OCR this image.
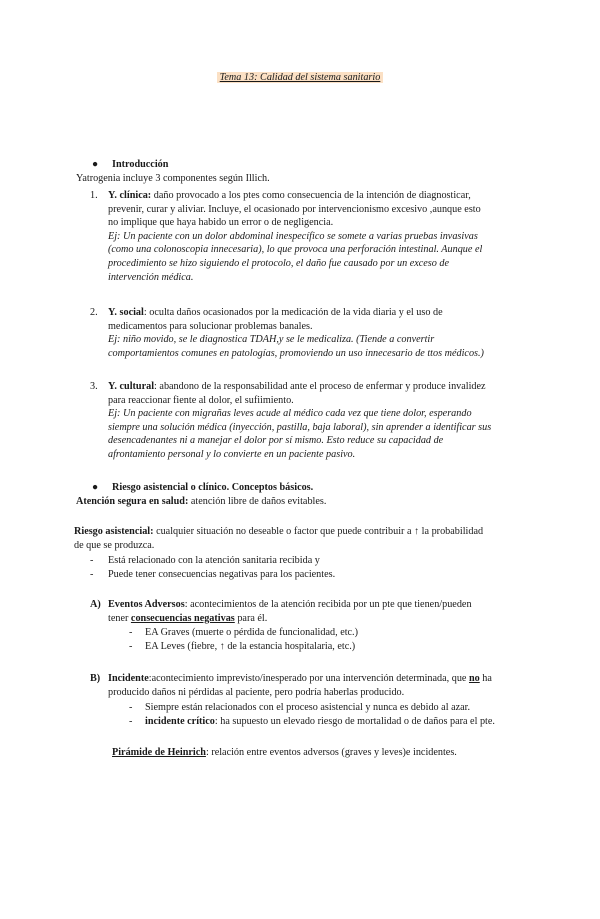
Tema 13: Calidad del sistema sanitario
● Introducción
Yatrogenia incluye 3 componentes según Illich.
1. Y. clínica: daño provocado a los ptes como consecuencia de la intención de diagnosticar,
prevenir, curar y aliviar. Incluye, el ocasionado por intervencionismo excesivo ,aunque esto
no implique que haya habido un error o de negligencia.
Ej: Un paciente con un dolor abdominal inespecífico se somete a varias pruebas invasivas
(como una colonoscopia innecesaria), lo que provoca una perforación intestinal. Aunque el
procedimiento se hizo siguiendo el protocolo, el daño fue causado por un exceso de
intervención médica.
2. Y. social: oculta daños ocasionados por la medicación de la vida diaria y el uso de
medicamentos para solucionar problemas banales.
Ej: niño movido, se le diagnostica TDAH,y se le medicaliza. (Tiende a convertir
comportamientos comunes en patologías, promoviendo un uso innecesario de ttos médicos.)
3. Y. cultural: abandono de la responsabilidad ante el proceso de enfermar y produce invalidez
para reaccionar fiente al dolor, el sufiimiento.
Ej: Un paciente con migrañas leves acude al médico cada vez que tiene dolor, esperando
siempre una solución médica (inyección, pastilla, baja laboral), sin aprender a identificar sus
desencadenantes ni a manejar el dolor por sí mismo. Esto reduce su capacidad de
afrontamiento personal y lo convierte en un paciente pasivo.
● Riesgo asistencial o clínico. Conceptos básicos.
Atención segura en salud: atención libre de daños evitables.
Riesgo asistencial: cualquier situación no deseable o factor que puede contribuir a ↑ la probabilidad
de que se produzca.
- Está relacionado con la atención sanitaria recibida y
- Puede tener consecuencias negativas para los pacientes.
A) Eventos Adversos: acontecimientos de la atención recibida por un pte que tienen/pueden
tener consecuencias negativas para él.
- EA Graves (muerte o pérdida de funcionalidad, etc.)
- EA Leves (fiebre, ↑ de la estancia hospitalaria, etc.)
B) Incidente:acontecimiento imprevisto/inesperado por una intervención determinada, que no ha
producido daños ni pérdidas al paciente, pero podría haberlas producido.
- Siempre están relacionados con el proceso asistencial y nunca es debido al azar.
- incidente crítico: ha supuesto un elevado riesgo de mortalidad o de daños para el pte.
Pirámide de Heinrich: relación entre eventos adversos (graves y leves)e incidentes.
